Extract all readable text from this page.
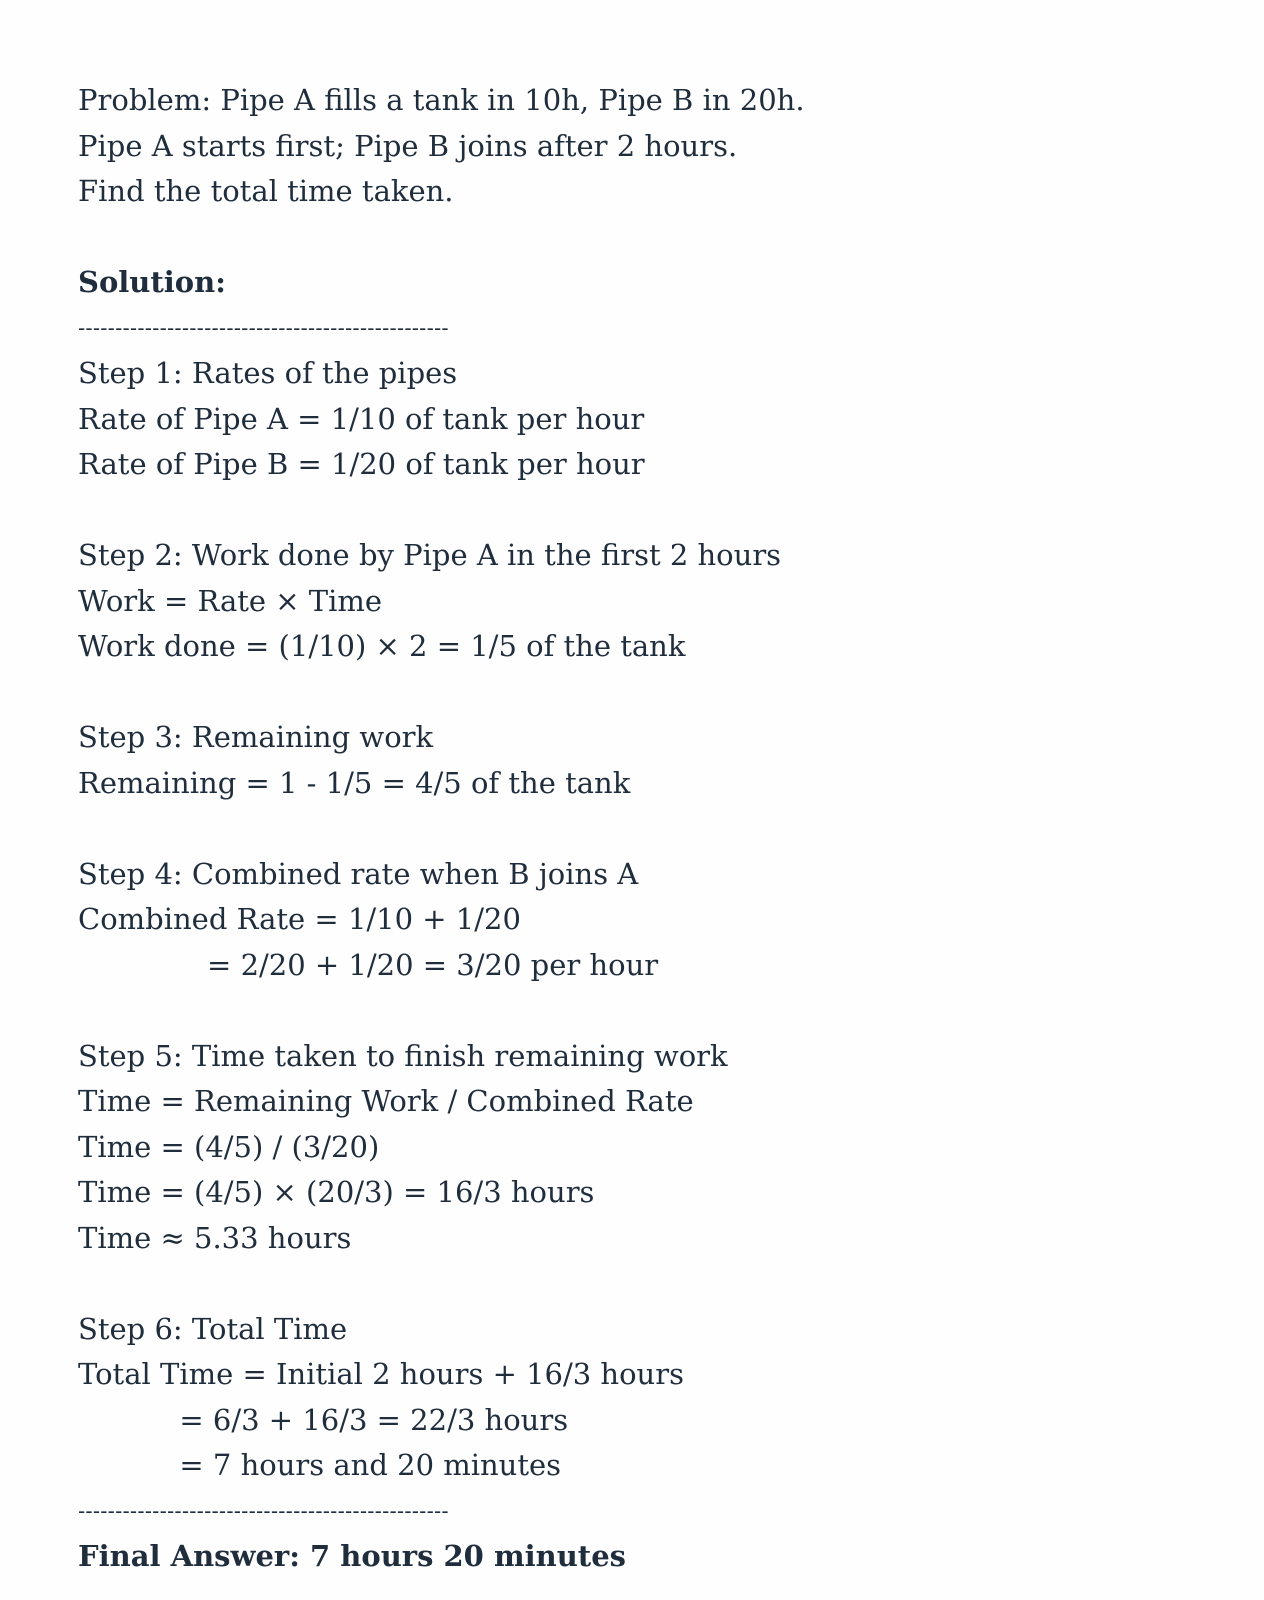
Problem: Pipe A fills a tank in 10h, Pipe B in 20h.
Pipe A starts first; Pipe B joins after 2 hours.
Find the total time taken.
Solution:
--------------------------------------------------
Step 1: Rates of the pipes
Rate of Pipe A = 1/10 of tank per hour
Rate of Pipe B = 1/20 of tank per hour
Step 2: Work done by Pipe A in the first 2 hours
Work = Rate × Time
Work done = (1/10) × 2 = 1/5 of the tank
Step 3: Remaining work
Remaining = 1 - 1/5 = 4/5 of the tank
Step 4: Combined rate when B joins A
Combined Rate = 1/10 + 1/20
= 2/20 + 1/20 = 3/20 per hour
Step 5: Time taken to finish remaining work
Time = Remaining Work / Combined Rate
Time = (4/5) / (3/20)
Time = (4/5) × (20/3) = 16/3 hours
Time ≈ 5.33 hours
Step 6: Total Time
Total Time = Initial 2 hours + 16/3 hours
= 6/3 + 16/3 = 22/3 hours
= 7 hours and 20 minutes
--------------------------------------------------
Final Answer: 7 hours 20 minutes
